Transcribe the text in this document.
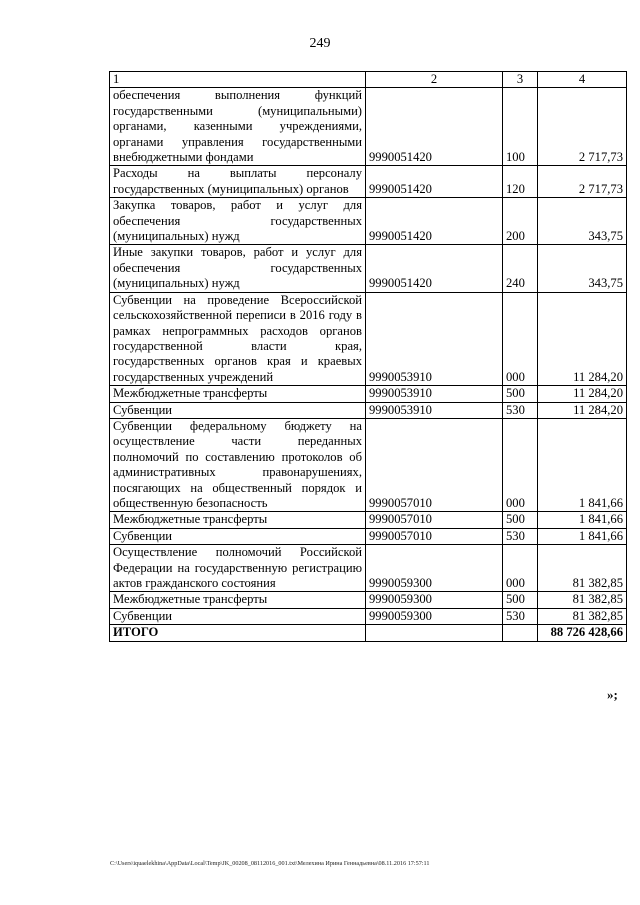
249
1	2	3	4
обеспечения выполнения функций государственными (муниципальными) органами, казенными учреждениями, органами управления государственными внебюджетными фондами	9990051420	100	2 717,73
Расходы на выплаты персоналу государственных (муниципальных) органов	9990051420	120	2 717,73
Закупка товаров, работ и услуг для обеспечения государственных (муниципальных) нужд	9990051420	200	343,75
Иные закупки товаров, работ и услуг для обеспечения государственных (муниципальных) нужд	9990051420	240	343,75
Субвенции на проведение Всероссийской сельскохозяйственной переписи в 2016 году в рамках непрограммных расходов органов государственной власти края, государственных органов края и краевых государственных учреждений	9990053910	000	11 284,20
Межбюджетные трансферты	9990053910	500	11 284,20
Субвенции	9990053910	530	11 284,20
Субвенции федеральному бюджету на осуществление части переданных полномочий по составлению протоколов об административных правонарушениях, посягающих на общественный порядок и общественную безопасность	9990057010	000	1 841,66
Межбюджетные трансферты	9990057010	500	1 841,66
Субвенции	9990057010	530	1 841,66
Осуществление полномочий Российской Федерации на государственную регистрацию актов гражданского состояния	9990059300	000	81 382,85
Межбюджетные трансферты	9990059300	500	81 382,85
Субвенции	9990059300	530	81 382,85
ИТОГО			88 726 428,66
»;
C:\Users\iquaelekhina\AppData\Local\Temp\JK_00208_08112016_001.txt\Мелехина Ирина Геннадьевна\08.11.2016 17:57:11
